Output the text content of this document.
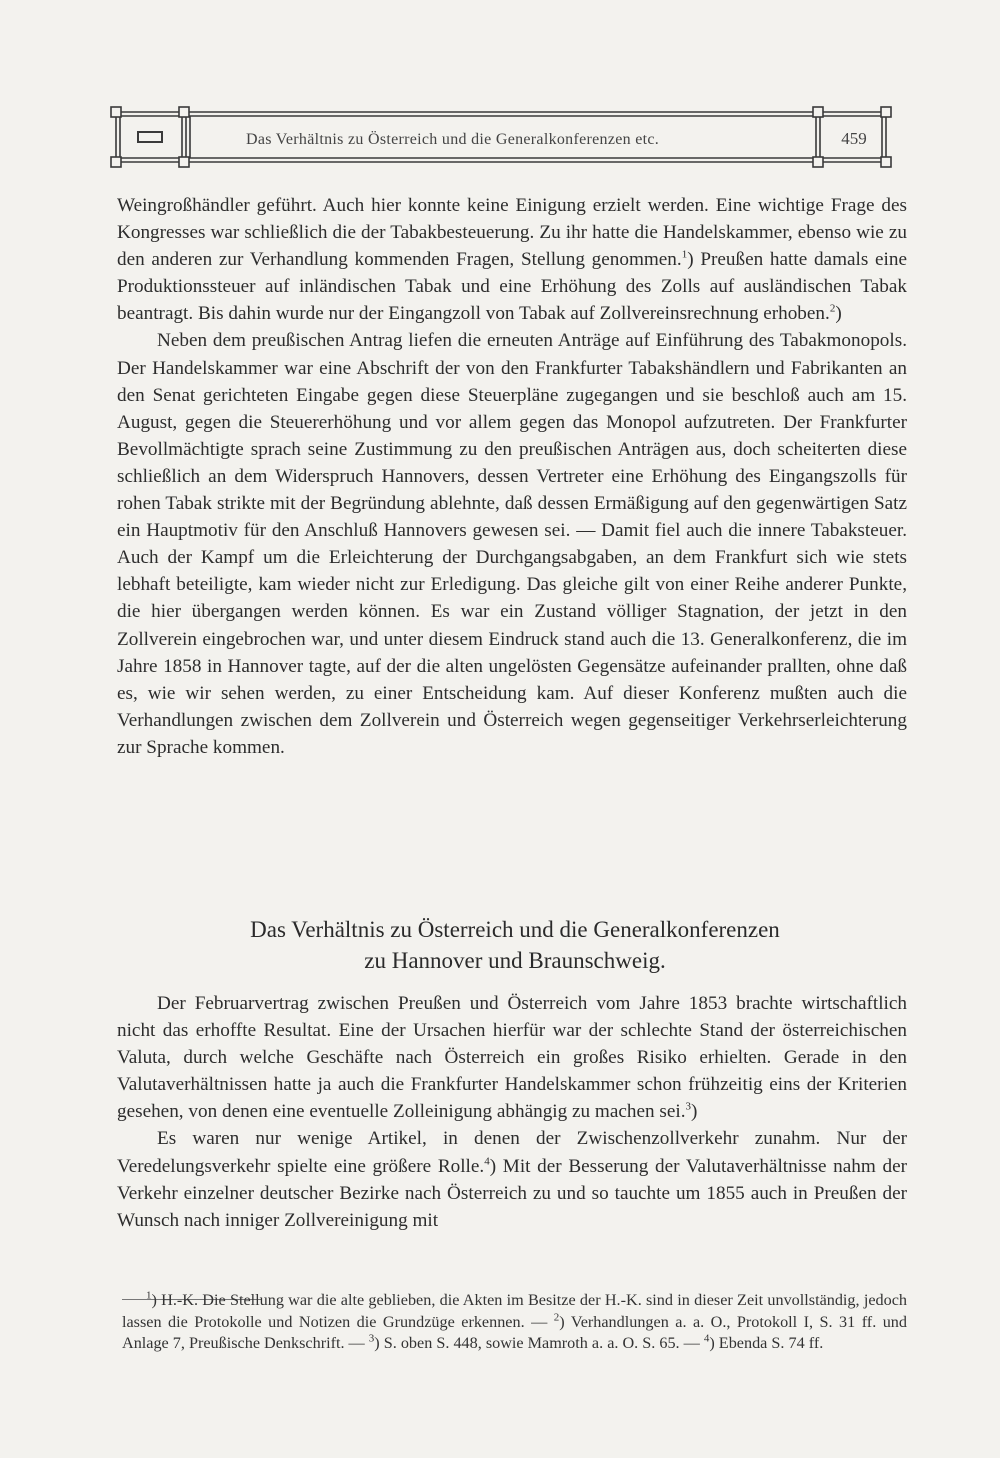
Das Verhältnis zu Österreich und die Generalkonferenzen etc.	459

Weingroßhändler geführt. Auch hier konnte keine Einigung erzielt werden. Eine wichtige Frage des Kongresses war schließlich die der Tabakbesteuerung. Zu ihr hatte die Handelskammer, ebenso wie zu den anderen zur Verhandlung kommenden Fragen, Stellung genommen.$^1$) Preußen hatte damals eine Produktionssteuer auf inländischen Tabak und eine Erhöhung des Zolls auf ausländischen Tabak beantragt. Bis dahin wurde nur der Eingangzoll von Tabak auf Zollvereinsrechnung erhoben.$^2$)

Neben dem preußischen Antrag liefen die erneuten Anträge auf Einführung des Tabakmonopols. Der Handelskammer war eine Abschrift der von den Frankfurter Tabakshändlern und Fabrikanten an den Senat gerichteten Eingabe gegen diese Steuerpläne zugegangen und sie beschloß auch am 15. August, gegen die Steuererhöhung und vor allem gegen das Monopol aufzutreten. Der Frankfurter Bevollmächtigte sprach seine Zustimmung zu den preußischen Anträgen aus, doch scheiterten diese schließlich an dem Widerspruch Hannovers, dessen Vertreter eine Erhöhung des Eingangszolls für rohen Tabak strikte mit der Begründung ablehnte, daß dessen Ermäßigung auf den gegenwärtigen Satz ein Hauptmotiv für den Anschluß Hannovers gewesen sei. — Damit fiel auch die innere Tabaksteuer. Auch der Kampf um die Erleichterung der Durchgangsabgaben, an dem Frankfurt sich wie stets lebhaft beteiligte, kam wieder nicht zur Erledigung. Das gleiche gilt von einer Reihe anderer Punkte, die hier übergangen werden können. Es war ein Zustand völliger Stagnation, der jetzt in den Zollverein eingebrochen war, und unter diesem Eindruck stand auch die 13. Generalkonferenz, die im Jahre 1858 in Hannover tagte, auf der die alten ungelösten Gegensätze aufeinander prallten, ohne daß es, wie wir sehen werden, zu einer Entscheidung kam. Auf dieser Konferenz mußten auch die Verhandlungen zwischen dem Zollverein und Österreich wegen gegenseitiger Verkehrserleichterung zur Sprache kommen.

Das Verhältnis zu Österreich und die Generalkonferenzen
zu Hannover und Braunschweig.

Der Februarvertrag zwischen Preußen und Österreich vom Jahre 1853 brachte wirtschaftlich nicht das erhoffte Resultat. Eine der Ursachen hierfür war der schlechte Stand der österreichischen Valuta, durch welche Geschäfte nach Österreich ein großes Risiko erhielten. Gerade in den Valutaverhältnissen hatte ja auch die Frankfurter Handelskammer schon frühzeitig eins der Kriterien gesehen, von denen eine eventuelle Zolleinigung abhängig zu machen sei.$^3$)

Es waren nur wenige Artikel, in denen der Zwischenzollverkehr zunahm. Nur der Veredelungsverkehr spielte eine größere Rolle.$^4$) Mit der Besserung der Valutaverhältnisse nahm der Verkehr einzelner deutscher Bezirke nach Österreich zu und so tauchte um 1855 auch in Preußen der Wunsch nach inniger Zollvereinigung mit

$^1$) H.-K. Die Stellung war die alte geblieben, die Akten im Besitze der H.-K. sind in dieser Zeit unvollständig, jedoch lassen die Protokolle und Notizen die Grundzüge erkennen. — $^2$) Verhandlungen a. a. O., Protokoll I, S. 31 ff. und Anlage 7, Preußische Denkschrift. — $^3$) S. oben S. 448, sowie Mamroth a. a. O. S. 65. — $^4$) Ebenda S. 74 ff.
